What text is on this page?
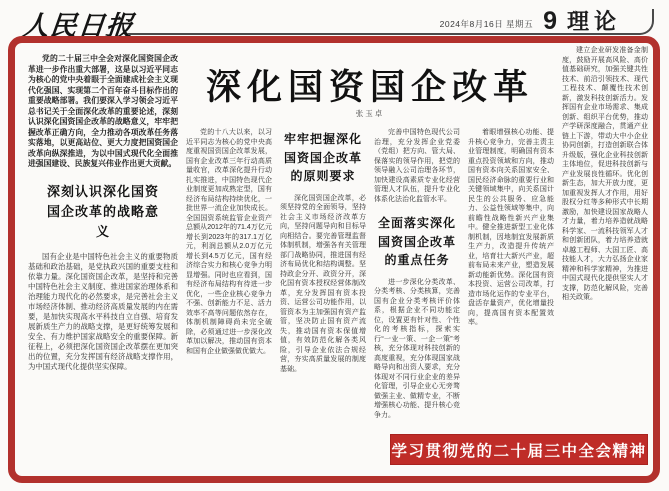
人民日报	2024年8月16日 星期五 9 理论
深化国资国企改革
张玉卓

党的二十届三中全会对深化国资国企改革进一步作出重大部署，这是以习近平同志为核心的党中央着眼于全面建成社会主义现代化强国、实现第二个百年奋斗目标作出的重要战略部署。我们要深入学习领会习近平总书记关于全面深化改革的重要论述，深刻认识深化国资国企改革的战略意义，牢牢把握改革正确方向，全力推动各项改革任务落实落地，以更高站位、更大力度把国资国企改革向纵深推进，为以中国式现代化全面推进强国建设、民族复兴伟业作出更大贡献。

深刻认识深化国资国企改革的战略意义

国有企业是中国特色社会主义的重要物质基础和政治基础，是党执政兴国的重要支柱和依靠力量。深化国资国企改革，是坚持和完善中国特色社会主义制度、推进国家治理体系和治理能力现代化的必然要求，是完善社会主义市场经济体制、推动经济高质量发展的内在需要，是加快实现高水平科技自立自强、培育发展新质生产力的战略支撑，是更好统筹发展和安全、有力维护国家战略安全的重要保障。新征程上，必须把深化国资国企改革摆在更加突出的位置，充分发挥国有经济战略支撑作用，为中国式现代化提供坚实保障。

党的十八大以来，以习近平同志为核心的党中央高度重视国资国企改革发展，国有企业改革三年行动高质量收官，改革深化提升行动扎实推进，中国特色现代企业制度更加成熟定型，国有经济布局结构持续优化，一批世界一流企业加快成长。全国国资系统监管企业资产总额从2012年的71.4万亿元增长到2023年的317.1万亿元，利润总额从2.0万亿元增长到4.5万亿元，国有经济综合实力和核心竞争力明显增强。同时也应看到，国有经济布局结构有待进一步优化，一些企业核心竞争力不强、创新能力不足、活力效率不高等问题依然存在，体制机制障碍尚未完全破除，必须通过进一步深化改革加以解决，推动国有资本和国有企业做强做优做大。

牢牢把握深化国资国企改革的原则要求

深化国资国企改革，必须坚持党的全面领导，坚持社会主义市场经济改革方向，坚持问题导向和目标导向相结合。要完善管理监督体制机制，增强各有关管理部门战略协同，推进国有经济布局优化和结构调整。坚持政企分开、政资分开，深化国有资本授权经营体制改革，充分发挥国有资本投资、运营公司功能作用，以管资本为主加强国有资产监管，坚决防止国有资产流失，推动国有资本保值增值，有效防范化解各类风险，引导企业依法合规经营，夯实高质量发展的制度基础。

完善中国特色现代公司治理，充分发挥企业党委（党组）把方向、管大局、保落实的领导作用，把党的领导融入公司治理各环节，加快建设高素质专业化经营管理人才队伍，提升专业化体系化法治化监管水平。

全面落实深化国资国企改革的重点任务

进一步深化分类改革、分类考核、分类核算，完善国有企业分类考核评价体系，根据企业不同功能定位，设置更有针对性、个性化的考核指标，探索实行“一业一策、一企一策”考核，充分体现对科技创新的高度重视，充分体现国家战略导向和出资人要求，充分体现对不同行业企业的差异化管理，引导企业心无旁骛做强主业、做精专业，不断增强核心功能、提升核心竞争力。

着眼增强核心功能、提升核心竞争力，完善主责主业管理制度，明确国有资本重点投资领域和方向，推动国有资本向关系国家安全、国民经济命脉的重要行业和关键领域集中，向关系国计民生的公共服务、应急能力、公益性领域等集中，向前瞻性战略性新兴产业集中。健全推进新型工业化体制机制，因地制宜发展新质生产力，改造提升传统产业，培育壮大新兴产业，超前布局未来产业，塑造发展新动能新优势。深化国有资本投资、运营公司改革，打造市场化运作的专业平台，盘活存量资产，优化增量投向，提高国有资本配置效率。

建立企业研发准备金制度，鼓励开展高风险、高价值基础研究，加强关键共性技术、前沿引领技术、现代工程技术、颠覆性技术创新，激发科技创新活力。发挥国有企业市场需求、集成创新、组织平台优势，推动产学研深度融合，贯通产业链上下游，带动大中小企业协同创新，打造创新联合体升级版，强化企业科技创新主体地位，促进科技创新与产业发展良性循环。优化创新生态，加大开放力度，更加重视发挥人才作用，用好股权分红等多种形式中长期激励，加快建设国家战略人才力量，着力培养造就战略科学家、一流科技领军人才和创新团队，着力培养造就卓越工程师、大国工匠、高技能人才，大力弘扬企业家精神和科学家精神，为推进中国式现代化提供坚实人才支撑，防范化解风险，完善相关政策。

学习贯彻党的二十届三中全会精神
